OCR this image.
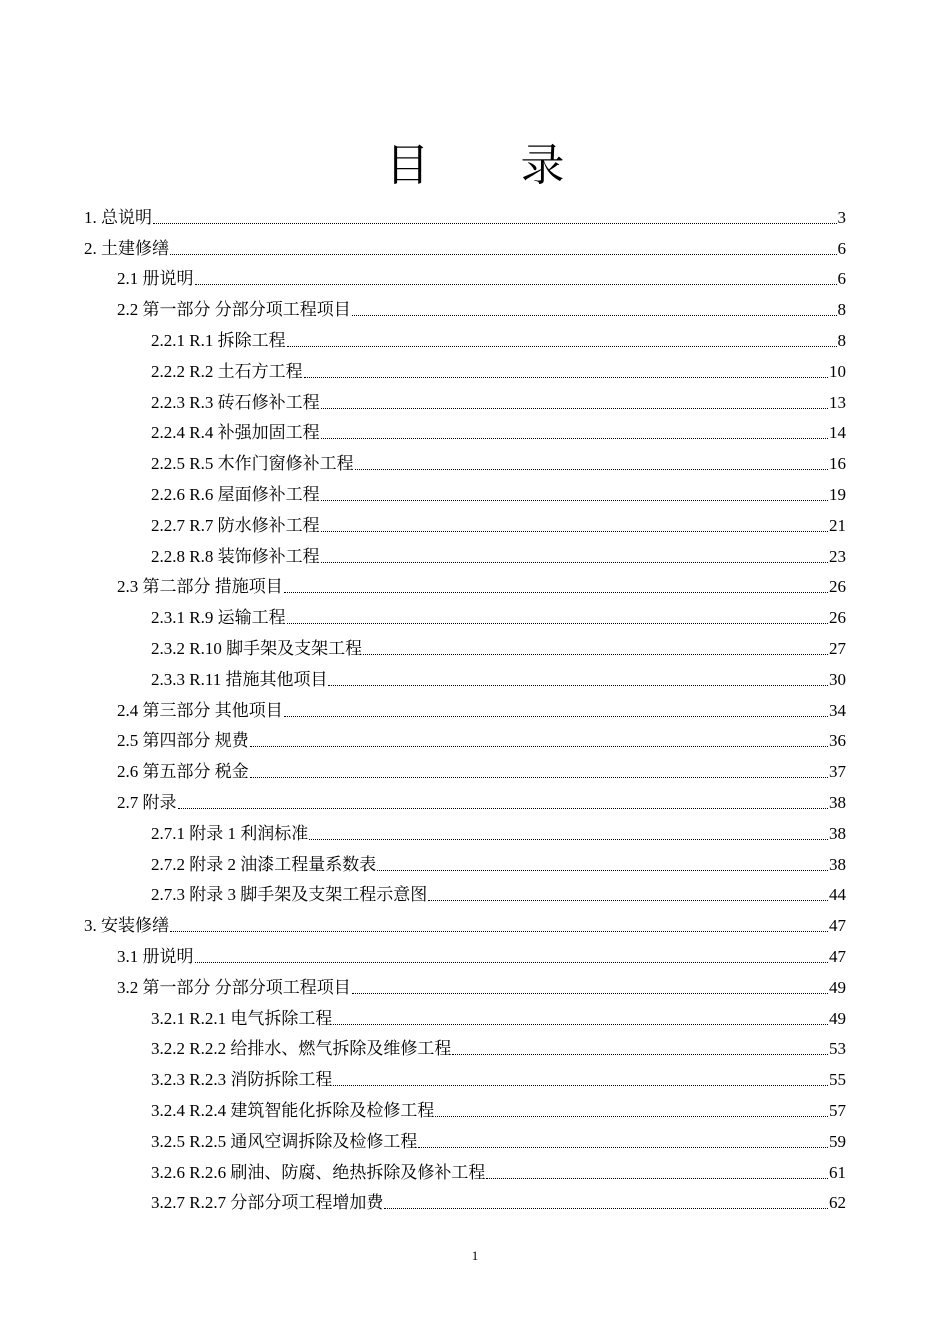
目 录
1. 总说明	3
2. 土建修缮	6
2.1 册说明	6
2.2 第一部分 分部分项工程项目	8
2.2.1 R.1 拆除工程	8
2.2.2 R.2 土石方工程	10
2.2.3 R.3 砖石修补工程	13
2.2.4 R.4 补强加固工程	14
2.2.5 R.5 木作门窗修补工程	16
2.2.6 R.6 屋面修补工程	19
2.2.7 R.7 防水修补工程	21
2.2.8 R.8 装饰修补工程	23
2.3 第二部分 措施项目	26
2.3.1 R.9 运输工程	26
2.3.2 R.10 脚手架及支架工程	27
2.3.3 R.11 措施其他项目	30
2.4 第三部分 其他项目	34
2.5 第四部分 规费	36
2.6 第五部分 税金	37
2.7 附录	38
2.7.1 附录 1 利润标准	38
2.7.2 附录 2 油漆工程量系数表	38
2.7.3 附录 3 脚手架及支架工程示意图	44
3. 安装修缮	47
3.1 册说明	47
3.2 第一部分 分部分项工程项目	49
3.2.1 R.2.1 电气拆除工程	49
3.2.2 R.2.2 给排水、燃气拆除及维修工程	53
3.2.3 R.2.3 消防拆除工程	55
3.2.4 R.2.4 建筑智能化拆除及检修工程	57
3.2.5 R.2.5 通风空调拆除及检修工程	59
3.2.6 R.2.6 刷油、防腐、绝热拆除及修补工程	61
3.2.7 R.2.7 分部分项工程增加费	62
1
